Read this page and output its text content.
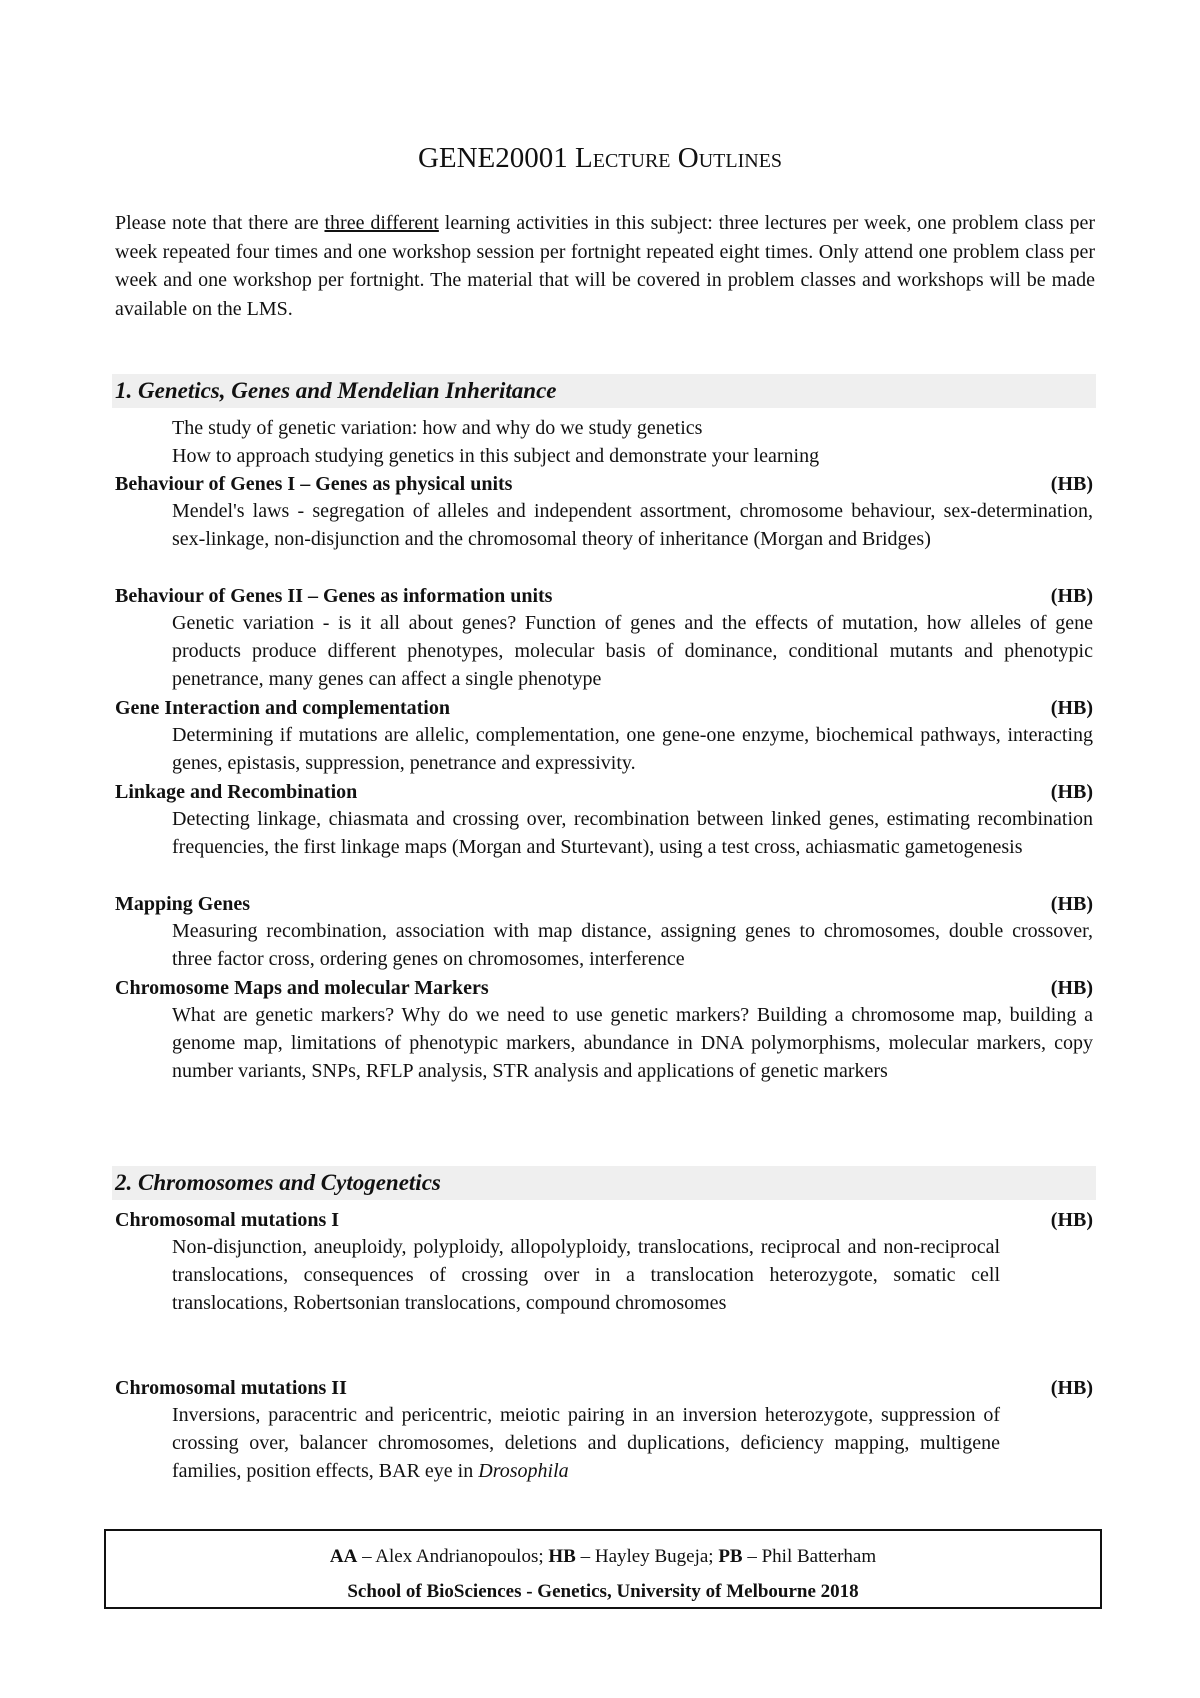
GENE20001 Lecture Outlines
Please note that there are three different learning activities in this subject: three lectures per week, one problem class per week repeated four times and one workshop session per fortnight repeated eight times. Only attend one problem class per week and one workshop per fortnight. The material that will be covered in problem classes and workshops will be made available on the LMS.
1. Genetics, Genes and Mendelian Inheritance
The study of genetic variation: how and why do we study genetics
How to approach studying genetics in this subject and demonstrate your learning
Behaviour of Genes I – Genes as physical units	(HB)
Mendel's laws - segregation of alleles and independent assortment, chromosome behaviour, sex-determination, sex-linkage, non-disjunction and the chromosomal theory of inheritance (Morgan and Bridges)
Behaviour of Genes II – Genes as information units	(HB)
Genetic variation - is it all about genes? Function of genes and the effects of mutation, how alleles of gene products produce different phenotypes, molecular basis of dominance, conditional mutants and phenotypic penetrance, many genes can affect a single phenotype
Gene Interaction and complementation	(HB)
Determining if mutations are allelic, complementation, one gene-one enzyme, biochemical pathways, interacting genes, epistasis, suppression, penetrance and expressivity.
Linkage and Recombination	(HB)
Detecting linkage, chiasmata and crossing over, recombination between linked genes, estimating recombination frequencies, the first linkage maps (Morgan and Sturtevant), using a test cross, achiasmatic gametogenesis
Mapping Genes	(HB)
Measuring recombination, association with map distance, assigning genes to chromosomes, double crossover, three factor cross, ordering genes on chromosomes, interference
Chromosome Maps and molecular Markers	(HB)
What are genetic markers? Why do we need to use genetic markers? Building a chromosome map, building a genome map, limitations of phenotypic markers, abundance in DNA polymorphisms, molecular markers, copy number variants, SNPs, RFLP analysis, STR analysis and applications of genetic markers
2. Chromosomes and Cytogenetics
Chromosomal mutations I	(HB)
Non-disjunction, aneuploidy, polyploidy, allopolyploidy, translocations, reciprocal and non-reciprocal translocations, consequences of crossing over in a translocation heterozygote, somatic cell translocations, Robertsonian translocations, compound chromosomes
Chromosomal mutations II	(HB)
Inversions, paracentric and pericentric, meiotic pairing in an inversion heterozygote, suppression of crossing over, balancer chromosomes, deletions and duplications, deficiency mapping, multigene families, position effects, BAR eye in Drosophila
AA – Alex Andrianopoulos; HB – Hayley Bugeja; PB – Phil Batterham
School of BioSciences - Genetics, University of Melbourne 2018
